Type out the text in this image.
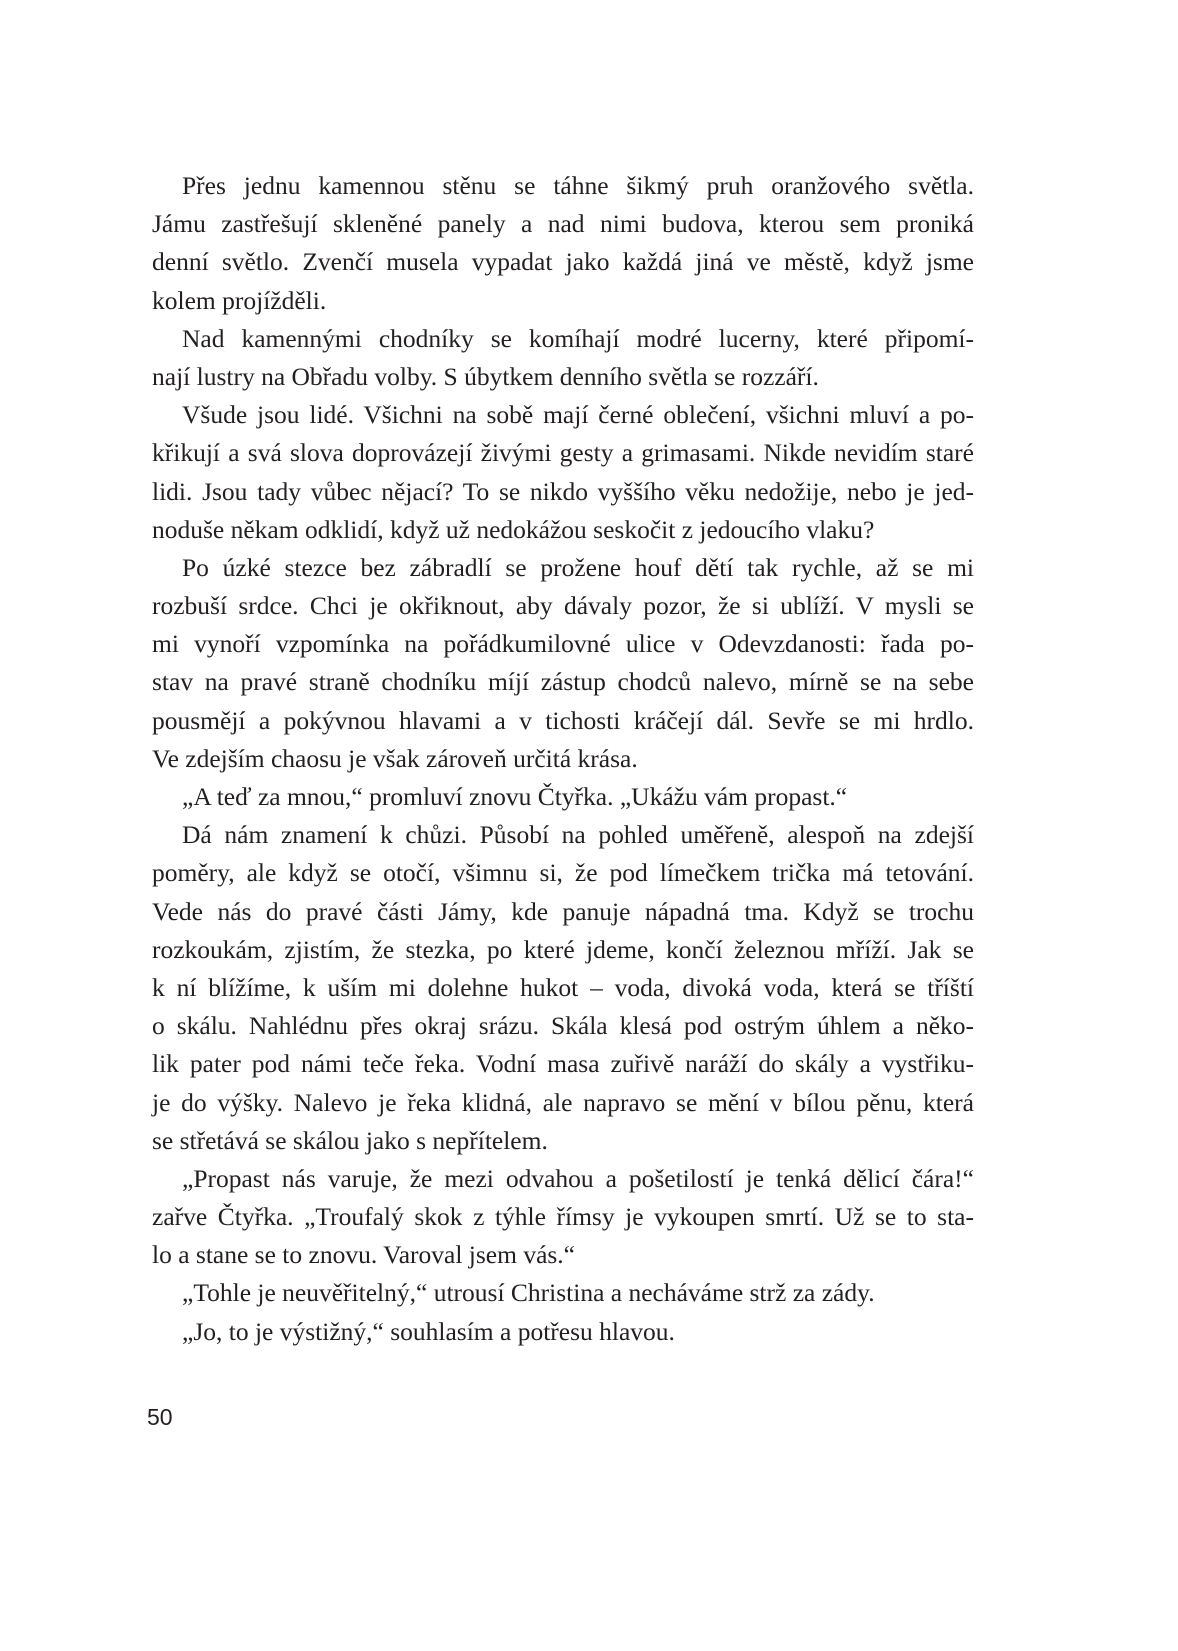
Přes jednu kamennou stěnu se táhne šikmý pruh oranžového světla.
Jámu zastřešují skleněné panely a nad nimi budova, kterou sem proniká
denní světlo. Zvenčí musela vypadat jako každá jiná ve městě, když jsme
kolem projížděli.
Nad kamennými chodníky se komíhají modré lucerny, které připomí-
nají lustry na Obřadu volby. S úbytkem denního světla se rozzáří.
Všude jsou lidé. Všichni na sobě mají černé oblečení, všichni mluví a po-
křikují a svá slova doprovázejí živými gesty a grimasami. Nikde nevidím staré
lidi. Jsou tady vůbec nějací? To se nikdo vyššího věku nedožije, nebo je jed-
noduše někam odklidí, když už nedokážou seskočit z jedoucího vlaku?
Po úzké stezce bez zábradlí se prožene houf dětí tak rychle, až se mi
rozbuší srdce. Chci je okřiknout, aby dávaly pozor, že si ublíží. V mysli se
mi vynoří vzpomínka na pořádkumilovné ulice v Odevzdanosti: řada po-
stav na pravé straně chodníku míjí zástup chodců nalevo, mírně se na sebe
pousmějí a pokývnou hlavami a v tichosti kráčejí dál. Sevře se mi hrdlo.
Ve zdejším chaosu je však zároveň určitá krása.
„A teď za mnou,“ promluví znovu Čtyřka. „Ukážu vám propast.“
Dá nám znamení k chůzi. Působí na pohled uměřeně, alespoň na zdejší
poměry, ale když se otočí, všimnu si, že pod límečkem trička má tetování.
Vede nás do pravé části Jámy, kde panuje nápadná tma. Když se trochu
rozkoukám, zjistím, že stezka, po které jdeme, končí železnou mříží. Jak se
k ní blížíme, k uším mi dolehne hukot – voda, divoká voda, která se tříští
o skálu. Nahlédnu přes okraj srázu. Skála klesá pod ostrým úhlem a něko-
lik pater pod námi teče řeka. Vodní masa zuřivě naráží do skály a vystřiku-
je do výšky. Nalevo je řeka klidná, ale napravo se mění v bílou pěnu, která
se střetává se skálou jako s nepřítelem.
„Propast nás varuje, že mezi odvahou a pošetilostí je tenká dělicí čára!“
zařve Čtyřka. „Troufalý skok z týhle římsy je vykoupen smrtí. Už se to sta-
lo a stane se to znovu. Varoval jsem vás.“
„Tohle je neuvěřitelný,“ utrousí Christina a necháváme strž za zády.
„Jo, to je výstižný,“ souhlasím a potřesu hlavou.
50
